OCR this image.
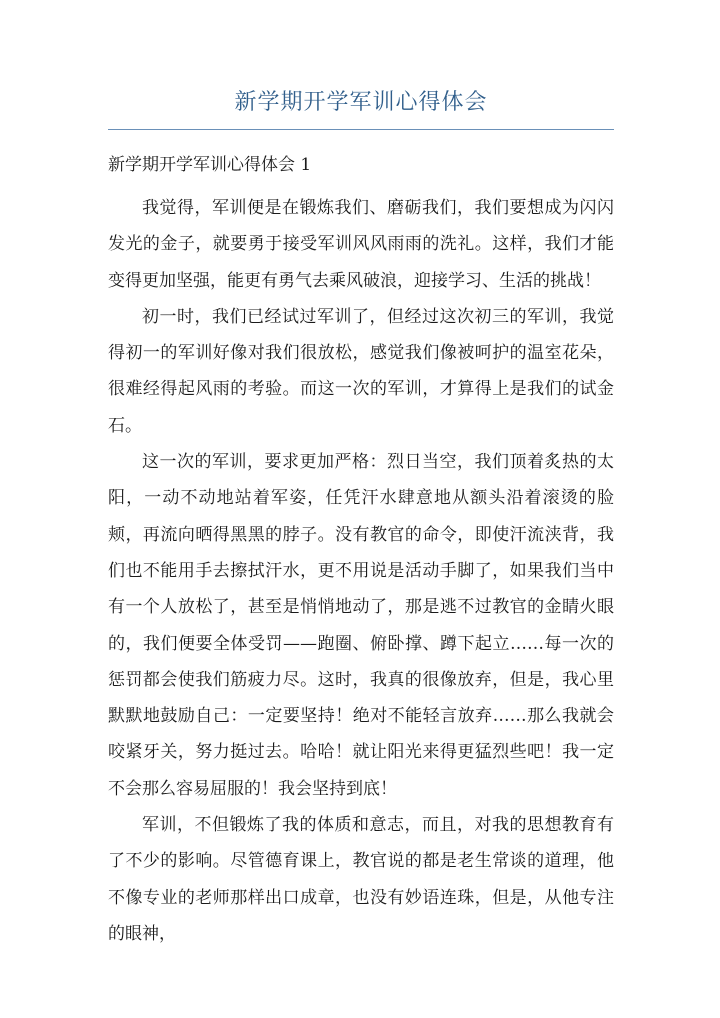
新学期开学军训心得体会

新学期开学军训心得体会 1

我觉得，军训便是在锻炼我们、磨砺我们，我们要想成为闪闪发光的金子，就要勇于接受军训风风雨雨的洗礼。这样，我们才能变得更加坚强，能更有勇气去乘风破浪，迎接学习、生活的挑战！

初一时，我们已经试过军训了，但经过这次初三的军训，我觉得初一的军训好像对我们很放松，感觉我们像被呵护的温室花朵，很难经得起风雨的考验。而这一次的军训，才算得上是我们的试金石。

这一次的军训，要求更加严格：烈日当空，我们顶着炙热的太阳，一动不动地站着军姿，任凭汗水肆意地从额头沿着滚烫的脸颊，再流向晒得黑黑的脖子。没有教官的命令，即使汗流浃背，我们也不能用手去擦拭汗水，更不用说是活动手脚了，如果我们当中有一个人放松了，甚至是悄悄地动了，那是逃不过教官的金睛火眼的，我们便要全体受罚——跑圈、俯卧撑、蹲下起立……每一次的惩罚都会使我们筋疲力尽。这时，我真的很像放弃，但是，我心里默默地鼓励自己：一定要坚持！绝对不能轻言放弃……那么我就会咬紧牙关，努力挺过去。哈哈！就让阳光来得更猛烈些吧！我一定不会那么容易屈服的！我会坚持到底！

军训，不但锻炼了我的体质和意志，而且，对我的思想教育有了不少的影响。尽管德育课上，教官说的都是老生常谈的道理，他不像专业的老师那样出口成章，也没有妙语连珠，但是，从他专注的眼神，
